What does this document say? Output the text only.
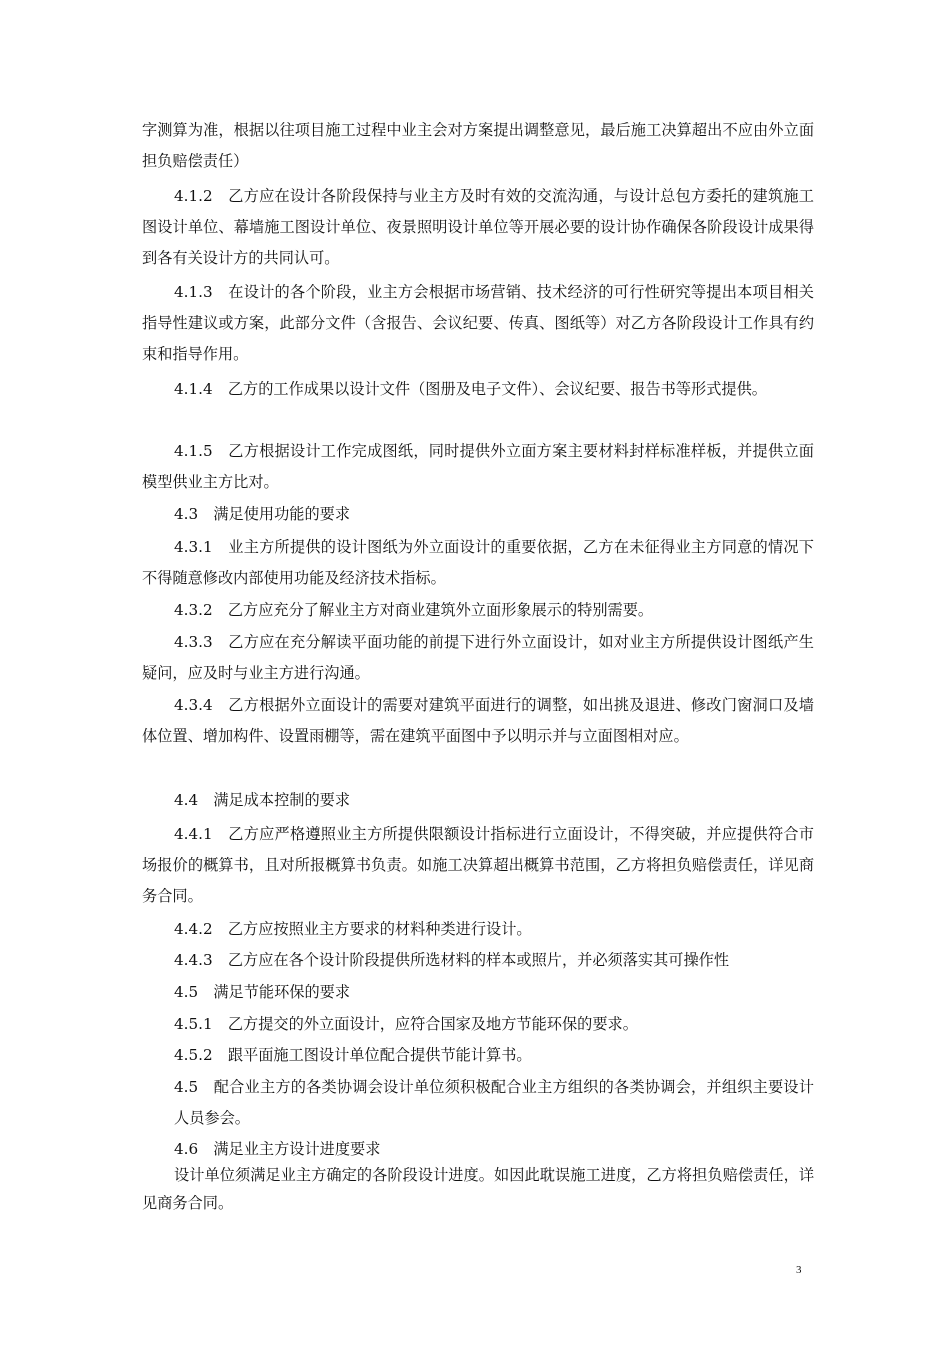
字测算为准，根据以往项目施工过程中业主会对方案提出调整意见，最后施工决算超出不应由外立面担负赔偿责任）

4.1.2　乙方应在设计各阶段保持与业主方及时有效的交流沟通，与设计总包方委托的建筑施工图设计单位、幕墙施工图设计单位、夜景照明设计单位等开展必要的设计协作确保各阶段设计成果得到各有关设计方的共同认可。

4.1.3　在设计的各个阶段，业主方会根据市场营销、技术经济的可行性研究等提出本项目相关指导性建议或方案，此部分文件（含报告、会议纪要、传真、图纸等）对乙方各阶段设计工作具有约束和指导作用。

4.1.4　乙方的工作成果以设计文件（图册及电子文件）、会议纪要、报告书等形式提供。

4.1.5　乙方根据设计工作完成图纸，同时提供外立面方案主要材料封样标准样板，并提供立面模型供业主方比对。

4.3　满足使用功能的要求

4.3.1　业主方所提供的设计图纸为外立面设计的重要依据，乙方在未征得业主方同意的情况下不得随意修改内部使用功能及经济技术指标。

4.3.2　乙方应充分了解业主方对商业建筑外立面形象展示的特别需要。

4.3.3　乙方应在充分解读平面功能的前提下进行外立面设计，如对业主方所提供设计图纸产生疑问，应及时与业主方进行沟通。

4.3.4　乙方根据外立面设计的需要对建筑平面进行的调整，如出挑及退进、修改门窗洞口及墙体位置、增加构件、设置雨棚等，需在建筑平面图中予以明示并与立面图相对应。

4.4　满足成本控制的要求

4.4.1　乙方应严格遵照业主方所提供限额设计指标进行立面设计，不得突破，并应提供符合市场报价的概算书，且对所报概算书负责。如施工决算超出概算书范围，乙方将担负赔偿责任，详见商务合同。

4.4.2　乙方应按照业主方要求的材料种类进行设计。

4.4.3　乙方应在各个设计阶段提供所选材料的样本或照片，并必须落实其可操作性

4.5　满足节能环保的要求

4.5.1　乙方提交的外立面设计，应符合国家及地方节能环保的要求。

4.5.2　跟平面施工图设计单位配合提供节能计算书。

4.5　配合业主方的各类协调会设计单位须积极配合业主方组织的各类协调会，并组织主要设计人员参会。

4.6　满足业主方设计进度要求

设计单位须满足业主方确定的各阶段设计进度。如因此耽误施工进度，乙方将担负赔偿责任，详见商务合同。

3
